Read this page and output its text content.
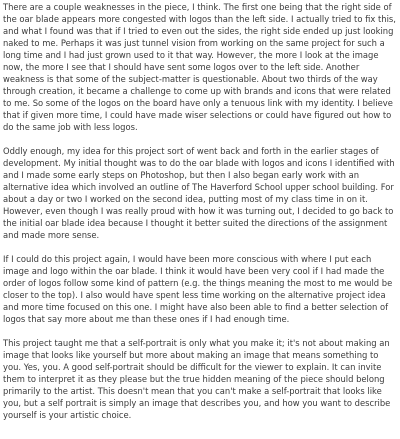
There are a couple weaknesses in the piece, I think. The first one being that the right side of the oar blade appears more congested with logos than the left side. I actually tried to fix this, and what I found was that if I tried to even out the sides, the right side ended up just looking naked to me. Perhaps it was just tunnel vision from working on the same project for such a long time and I had just grown used to it that way. However, the more I look at the image now, the more I see that I should have sent some logos over to the left side. Another weakness is that some of the subject-matter is questionable. About two thirds of the way through creation, it became a challenge to come up with brands and icons that were related to me. So some of the logos on the board have only a tenuous link with my identity. I believe that if given more time, I could have made wiser selections or could have figured out how to do the same job with less logos.

Oddly enough, my idea for this project sort of went back and forth in the earlier stages of development. My initial thought was to do the oar blade with logos and icons I identified with and I made some early steps on Photoshop, but then I also began early work with an alternative idea which involved an outline of The Haverford School upper school building. For about a day or two I worked on the second idea, putting most of my class time in on it. However, even though I was really proud with how it was turning out, I decided to go back to the initial oar blade idea because I thought it better suited the directions of the assignment and made more sense.

If I could do this project again, I would have been more conscious with where I put each image and logo within the oar blade. I think it would have been very cool if I had made the order of logos follow some kind of pattern (e.g. the things meaning the most to me would be closer to the top). I also would have spent less time working on the alternative project idea and more time focused on this one. I might have also been able to find a better selection of logos that say more about me than these ones if I had enough time.

This project taught me that a self-portrait is only what you make it; it's not about making an image that looks like yourself but more about making an image that means something to you. Yes, you. A good self-portrait should be difficult for the viewer to explain. It can invite them to interpret it as they please but the true hidden meaning of the piece should belong primarily to the artist. This doesn't mean that you can't make a self-portrait that looks like you, but a self portrait is simply an image that describes you, and how you want to describe yourself is your artistic choice.
